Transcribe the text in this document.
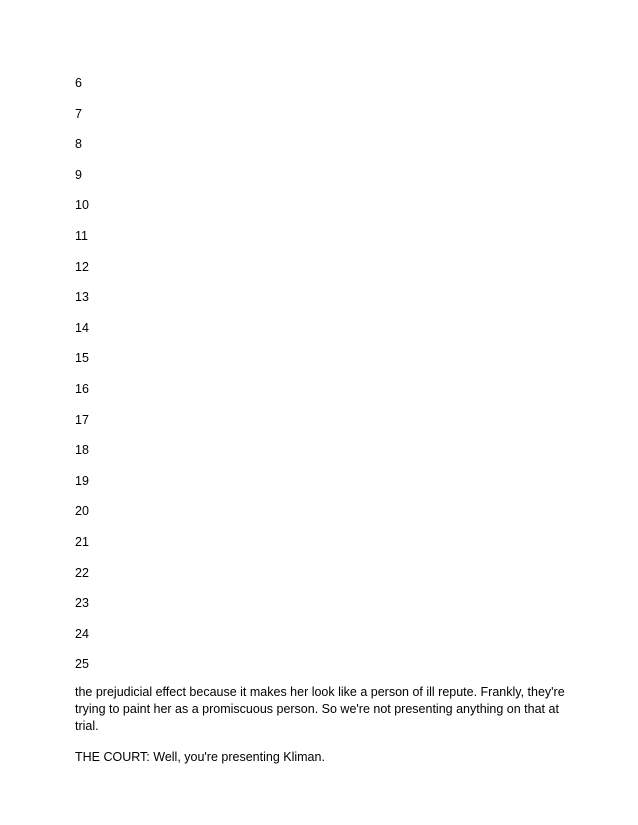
6
7
8
9
10
11
12
13
14
15
16
17
18
19
20
21
22
23
24
25

the prejudicial effect because it makes her look like a person of ill repute. Frankly, they're trying to paint her as a promiscuous person. So we're not presenting anything on that at trial.

THE COURT: Well, you're presenting Kliman.
